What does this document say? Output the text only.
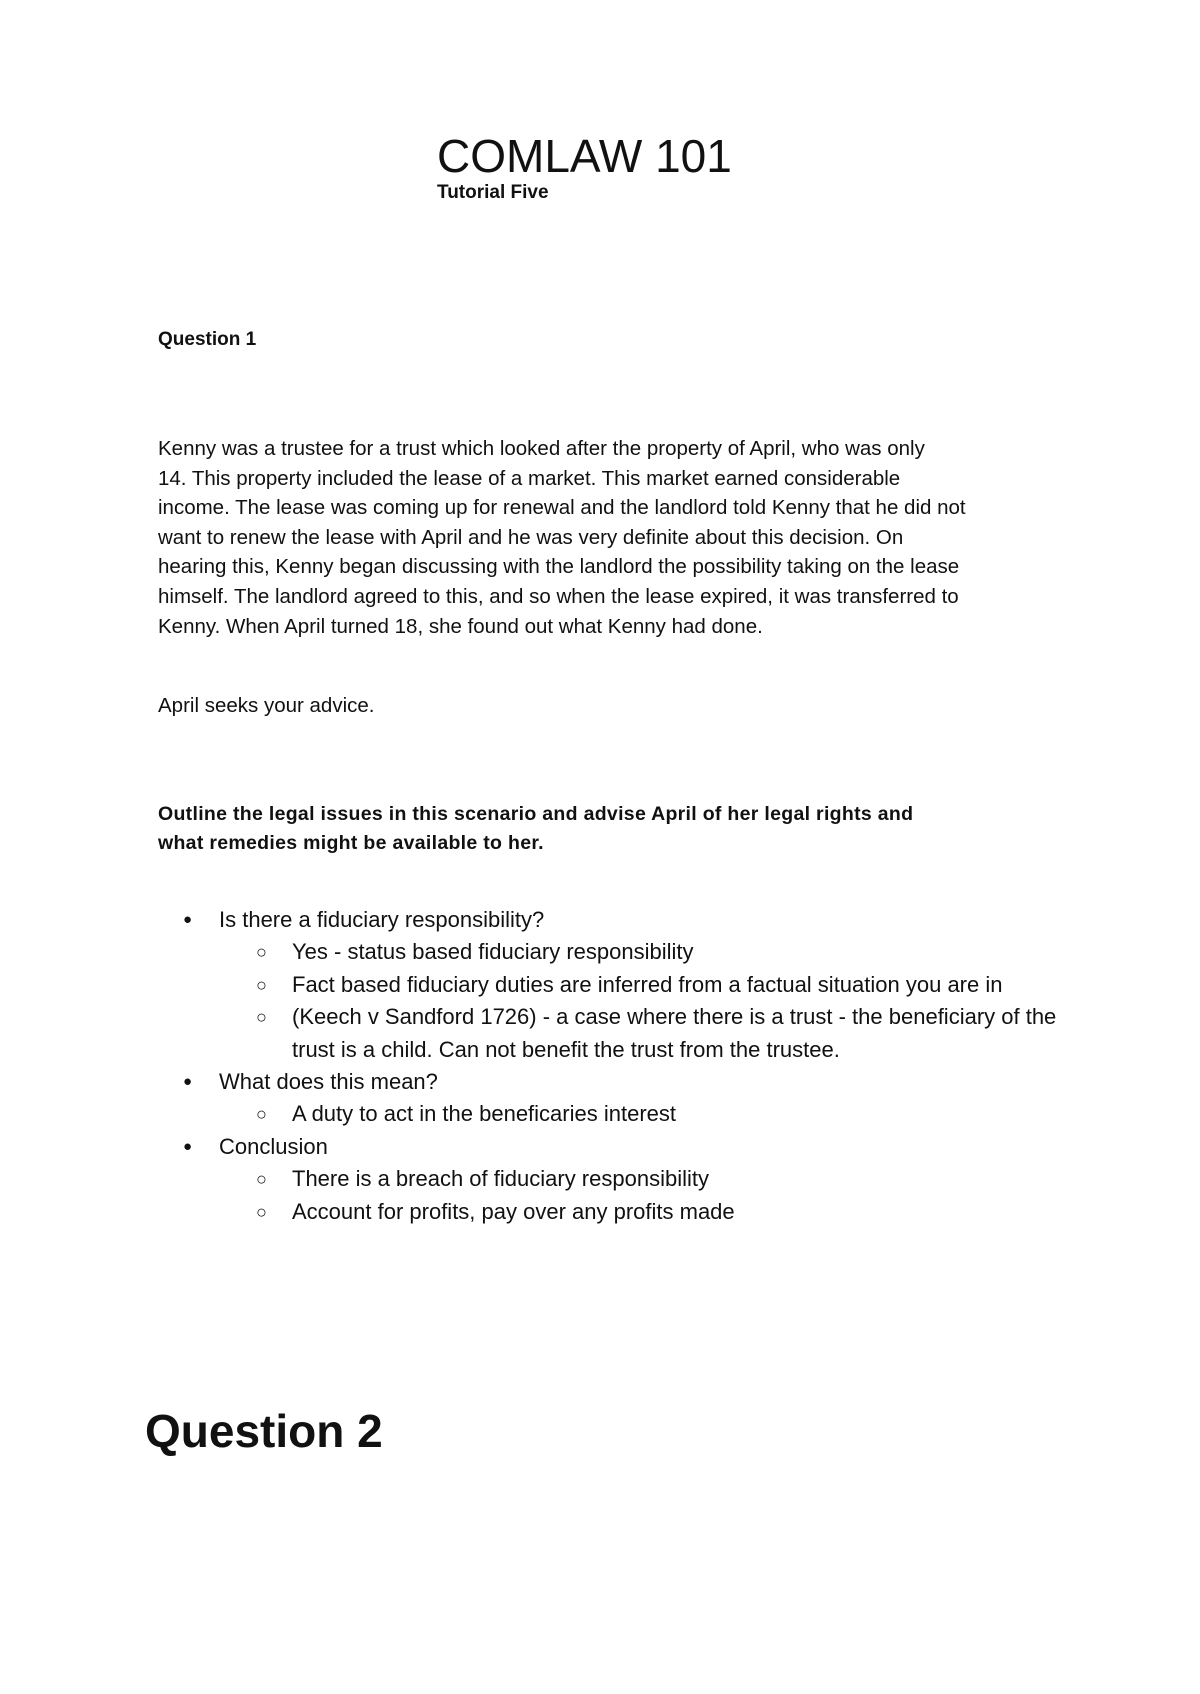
COMLAW 101
Tutorial Five
Question 1

Kenny was a trustee for a trust which looked after the property of April, who was only
14. This property included the lease of a market. This market earned considerable
income. The lease was coming up for renewal and the landlord told Kenny that he did not
want to renew the lease with April and he was very definite about this decision. On
hearing this, Kenny began discussing with the landlord the possibility taking on the lease
himself. The landlord agreed to this, and so when the lease expired, it was transferred to
Kenny. When April turned 18, she found out what Kenny had done.

April seeks your advice.

Outline the legal issues in this scenario and advise April of her legal rights and
what remedies might be available to her.

● Is there a fiduciary responsibility?
○ Yes - status based fiduciary responsibility
○ Fact based fiduciary duties are inferred from a factual situation you are in
○ (Keech v Sandford 1726) - a case where there is a trust - the beneficiary of the trust is a child. Can not benefit the trust from the trustee.
● What does this mean?
○ A duty to act in the beneficaries interest
● Conclusion
○ There is a breach of fiduciary responsibility
○ Account for profits, pay over any profits made
Question 2
